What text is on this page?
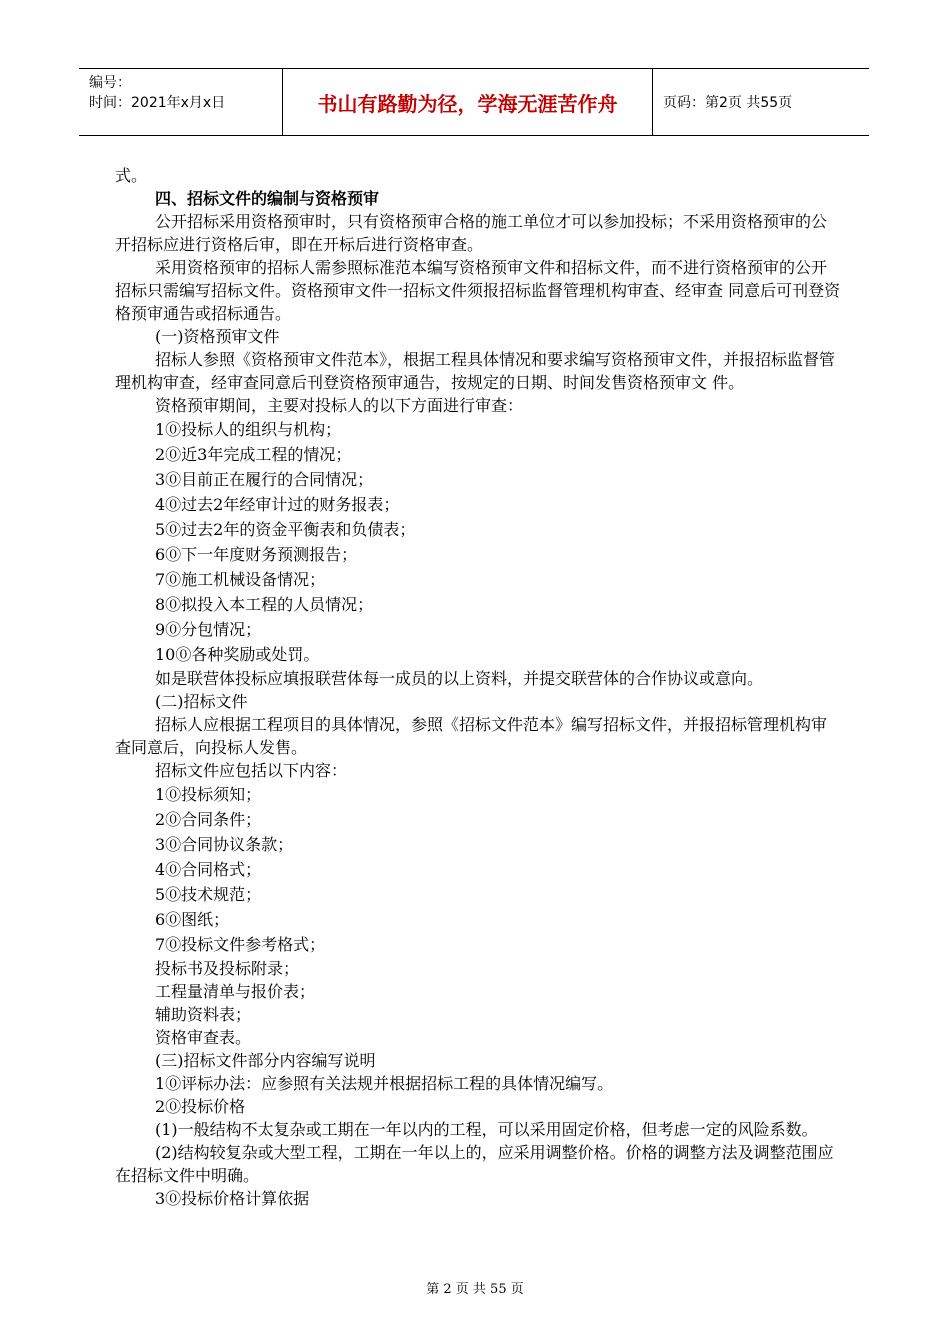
编号：
时间：2021年x月x日	书山有路勤为径，学海无涯苦作舟	页码：第2页 共55页

式。

四、招标文件的编制与资格预审

公开招标采用资格预审时，只有资格预审合格的施工单位才可以参加投标；不采用资格预审的公开招标应进行资格后审，即在开标后进行资格审查。

采用资格预审的招标人需参照标准范本编写资格预审文件和招标文件，而不进行资格预审的公开招标只需编写招标文件。资格预审文件一招标文件须报招标监督管理机构审查、经审查 同意后可刊登资格预审通告或招标通告。

(一)资格预审文件

招标人参照《资格预审文件范本》，根据工程具体情况和要求编写资格预审文件，并报招标监督管理机构审查，经审查同意后刊登资格预审通告，按规定的日期、时间发售资格预审文 件。

资格预审期间，主要对投标人的以下方面进行审查：

1⓪投标人的组织与机构；

2⓪近3年完成工程的情况；

3⓪目前正在履行的合同情况；

4⓪过去2年经审计过的财务报表；

5⓪过去2年的资金平衡表和负债表；

6⓪下一年度财务预测报告；

7⓪施工机械设备情况；

8⓪拟投入本工程的人员情况；

9⓪分包情况；

10⓪各种奖励或处罚。

如是联营体投标应填报联营体每一成员的以上资料，并提交联营体的合作协议或意向。

(二)招标文件

招标人应根据工程项目的具体情况，参照《招标文件范本》编写招标文件，并报招标管理机构审查同意后，向投标人发售。

招标文件应包括以下内容：

1⓪投标须知；

2⓪合同条件；

3⓪合同协议条款；

4⓪合同格式；

5⓪技术规范；

6⓪图纸；

7⓪投标文件参考格式；

投标书及投标附录；

工程量清单与报价表；

辅助资料表；

资格审查表。

(三)招标文件部分内容编写说明

1⓪评标办法：应参照有关法规并根据招标工程的具体情况编写。

2⓪投标价格

(1)一般结构不太复杂或工期在一年以内的工程，可以采用固定价格，但考虑一定的风险系数。

(2)结构较复杂或大型工程，工期在一年以上的，应采用调整价格。价格的调整方法及调整范围应在招标文件中明确。

3⓪投标价格计算依据

第 2 页 共 55 页
